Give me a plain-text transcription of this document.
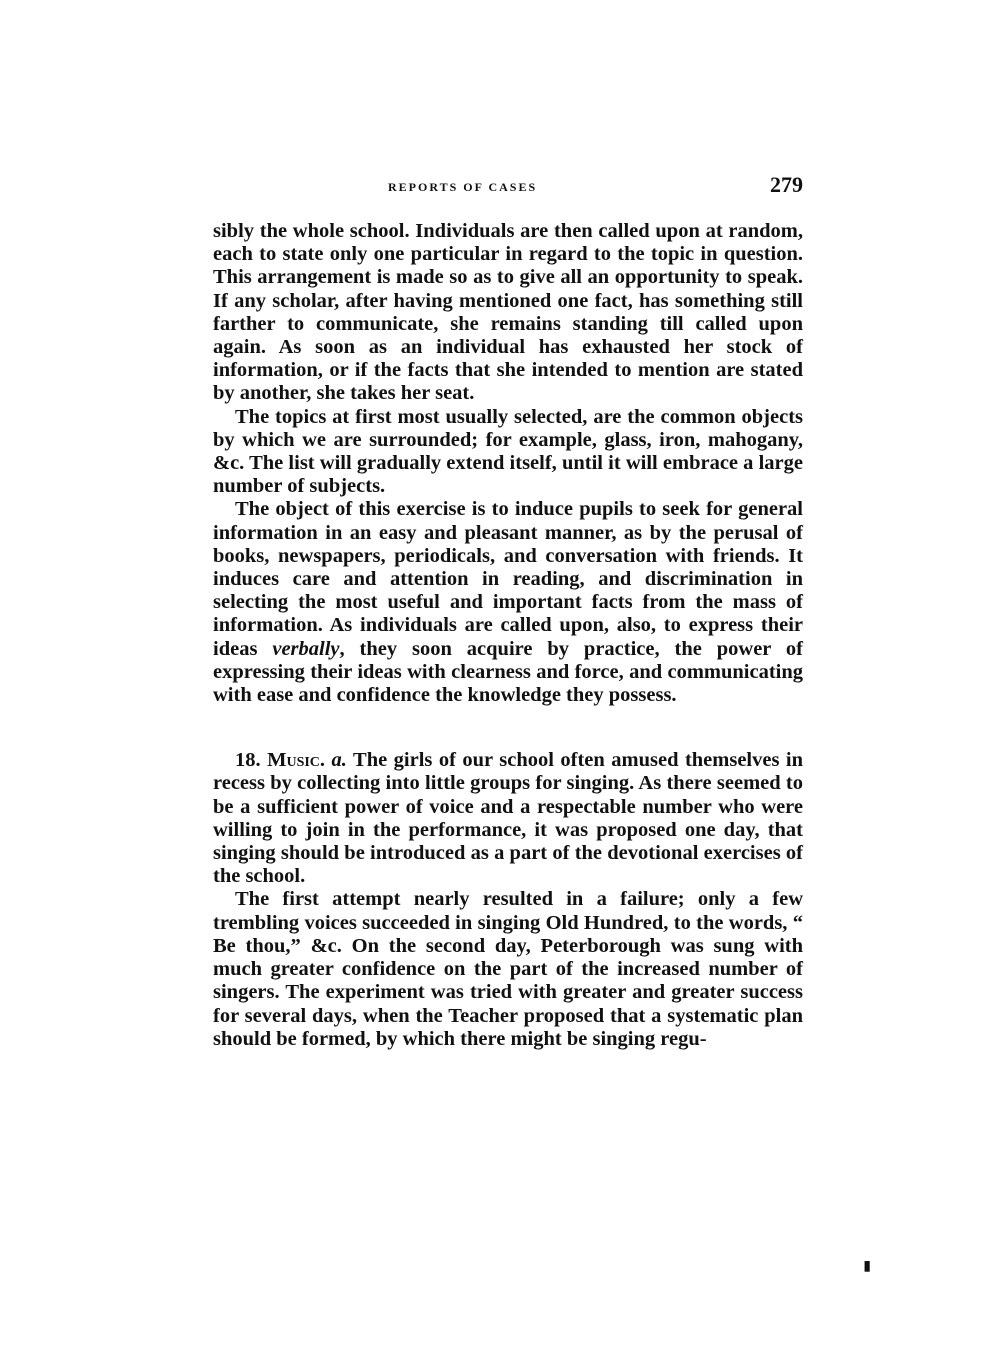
REPORTS OF CASES	279

sibly the whole school. Individuals are then called upon at random, each to state only one particular in regard to the topic in question. This arrangement is made so as to give all an opportunity to speak. If any scholar, after having mentioned one fact, has something still farther to communicate, she remains standing till called upon again. As soon as an individual has exhausted her stock of information, or if the facts that she intended to mention are stated by another, she takes her seat.

The topics at first most usually selected, are the common objects by which we are surrounded; for example, glass, iron, mahogany, &c. The list will gradually extend itself, until it will embrace a large number of subjects.

The object of this exercise is to induce pupils to seek for general information in an easy and pleasant manner, as by the perusal of books, newspapers, periodicals, and conversation with friends. It induces care and attention in reading, and discrimination in selecting the most useful and important facts from the mass of information. As individuals are called upon, also, to express their ideas verbally, they soon acquire by practice, the power of expressing their ideas with clearness and force, and communicating with ease and confidence the knowledge they possess.

18. Music. a. The girls of our school often amused themselves in recess by collecting into little groups for singing. As there seemed to be a sufficient power of voice and a respectable number who were willing to join in the performance, it was proposed one day, that singing should be introduced as a part of the devotional exercises of the school.

The first attempt nearly resulted in a failure; only a few trembling voices succeeded in singing Old Hundred, to the words, “ Be thou,” &c. On the second day, Peterborough was sung with much greater confidence on the part of the increased number of singers. The experiment was tried with greater and greater success for several days, when the Teacher proposed that a systematic plan should be formed, by which there might be singing regu-

▮
